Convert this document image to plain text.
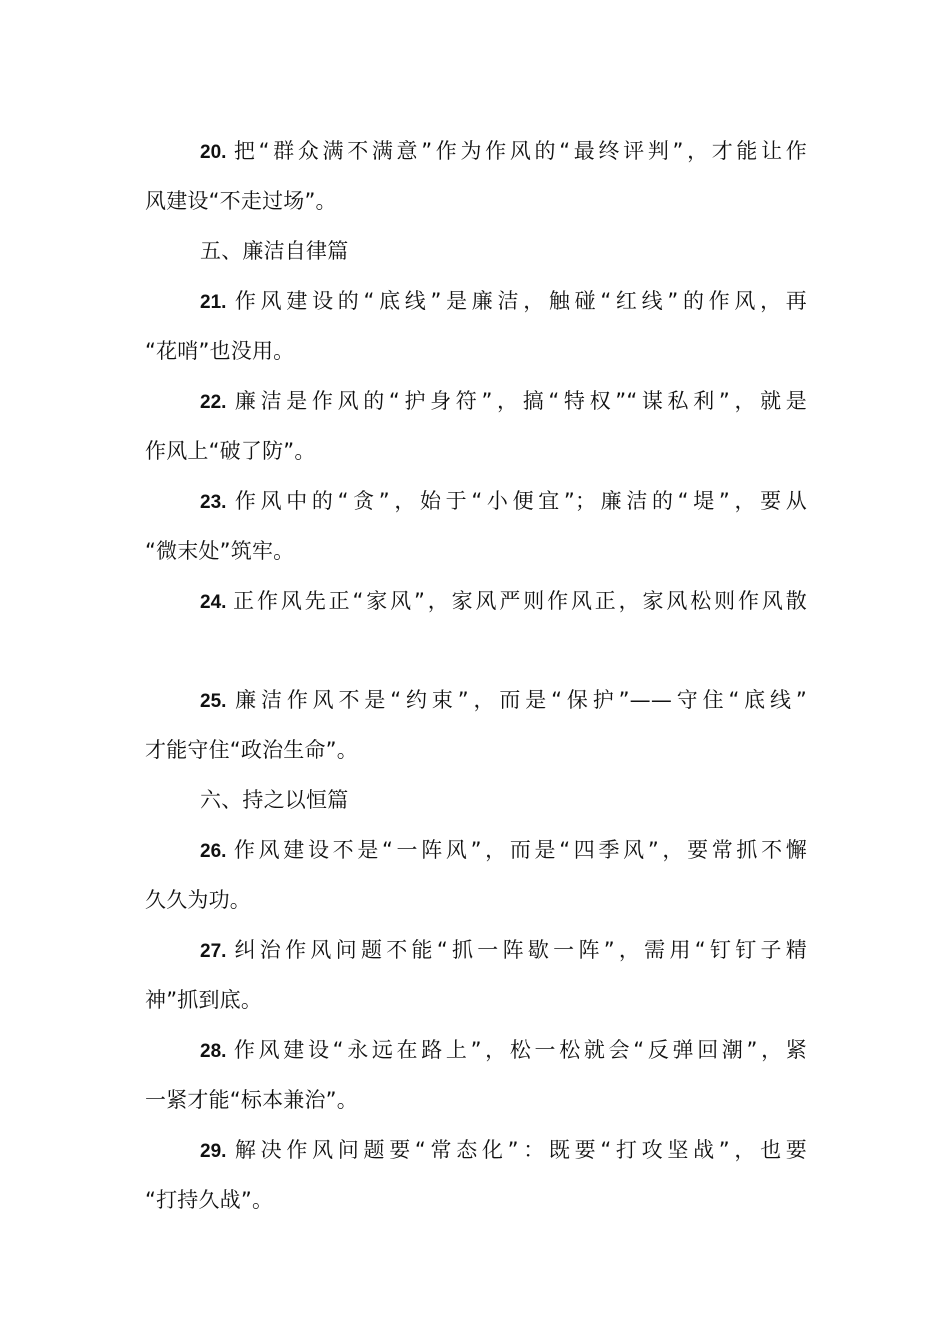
20. 把“群众满不满意”作为作风的“最终评判”，才能让作
风建设“不走过场”。
五、廉洁自律篇
21. 作风建设的“底线”是廉洁，触碰“红线”的作风，再
“花哨”也没用。
22. 廉洁是作风的“护身符”，搞“特权”“谋私利”，就是
作风上“破了防”。
23. 作风中的“贪”，始于“小便宜”；廉洁的“堤”，要从
“微末处”筑牢。
24. 正作风先正“家风”，家风严则作风正，家风松则作风散
25. 廉洁作风不是“约束”，而是“保护”——守住“底线”
才能守住“政治生命”。
六、持之以恒篇
26. 作风建设不是“一阵风”，而是“四季风”，要常抓不懈
久久为功。
27. 纠治作风问题不能“抓一阵歇一阵”，需用“钉钉子精
神”抓到底。
28. 作风建设“永远在路上”，松一松就会“反弹回潮”，紧
一紧才能“标本兼治”。
29. 解决作风问题要“常态化”：既要“打攻坚战”，也要
“打持久战”。
